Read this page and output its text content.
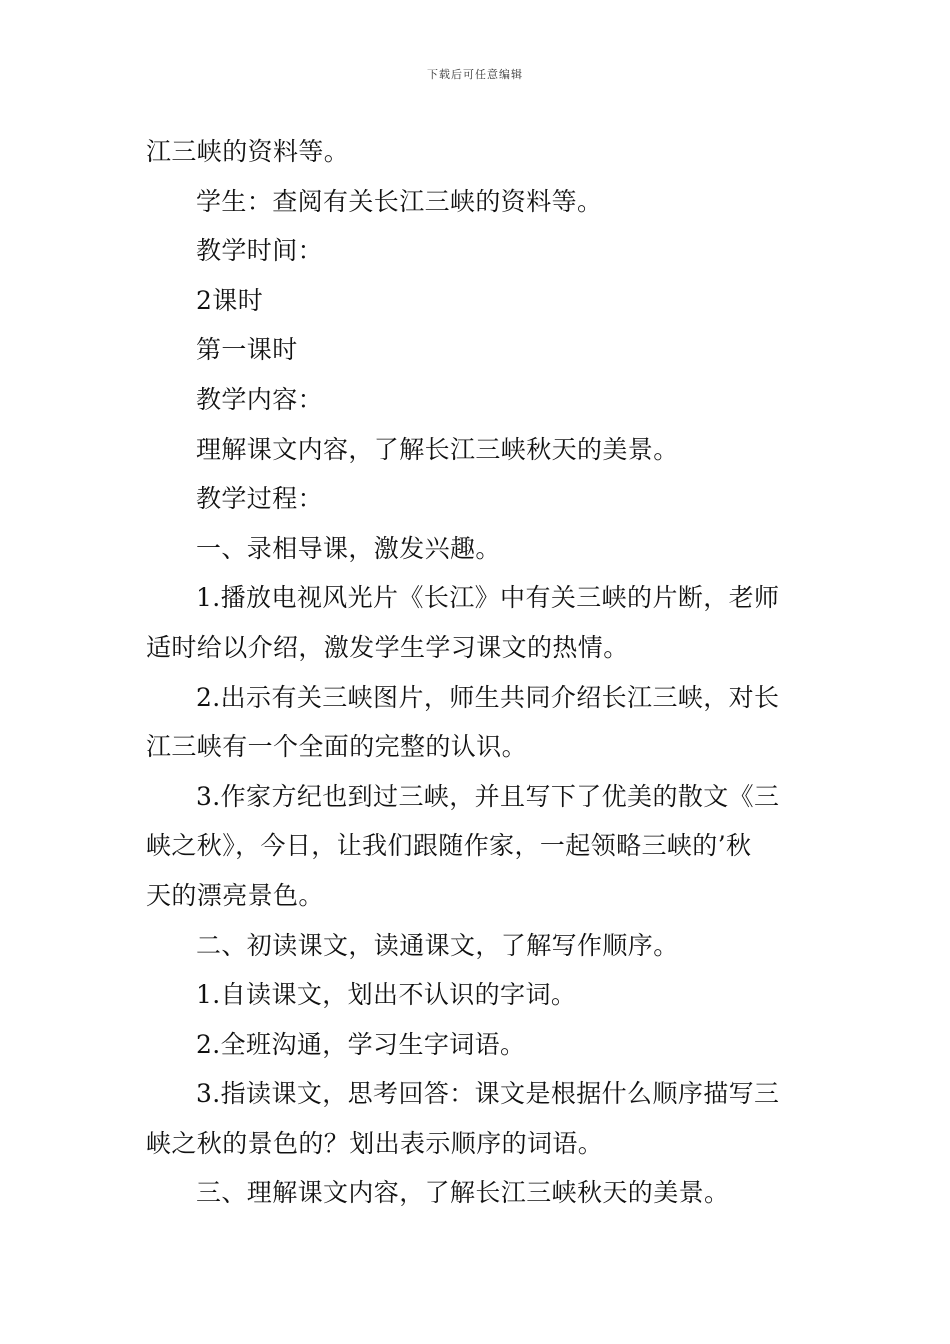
下载后可任意编辑
江三峡的资料等。
学生：查阅有关长江三峡的资料等。
教学时间：
2课时
第一课时
教学内容：
理解课文内容，了解长江三峡秋天的美景。
教学过程：
一、录相导课，激发兴趣。
1.播放电视风光片《长江》中有关三峡的片断，老师
适时给以介绍，激发学生学习课文的热情。
2.出示有关三峡图片，师生共同介绍长江三峡，对长
江三峡有一个全面的完整的认识。
3.作家方纪也到过三峡，并且写下了优美的散文《三
峡之秋》，今日，让我们跟随作家，一起领略三峡的’秋
天的漂亮景色。
二、初读课文，读通课文，了解写作顺序。
1.自读课文，划出不认识的字词。
2.全班沟通，学习生字词语。
3.指读课文，思考回答：课文是根据什么顺序描写三
峡之秋的景色的？划出表示顺序的词语。
三、理解课文内容，了解长江三峡秋天的美景。
